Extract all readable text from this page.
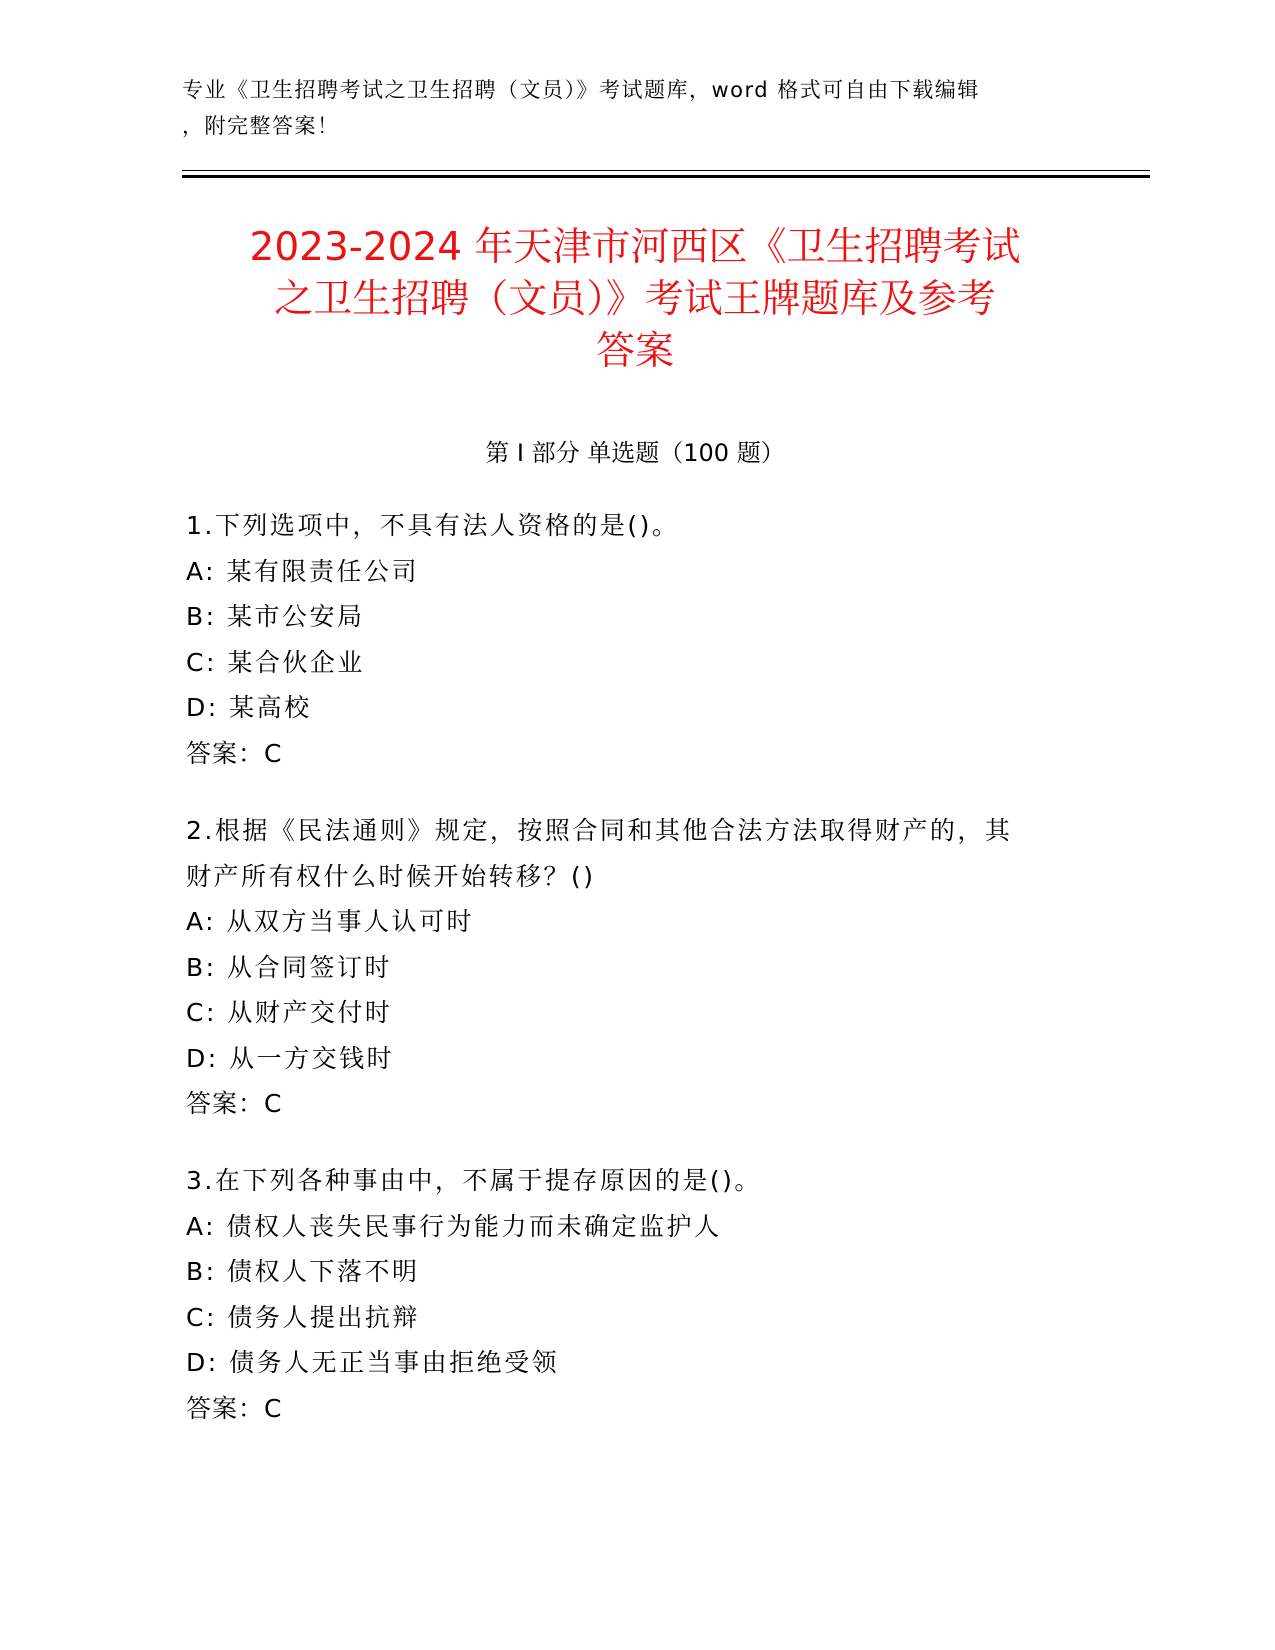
专业《卫生招聘考试之卫生招聘（文员）》考试题库，word 格式可自由下载编辑
，附完整答案！
2023-2024 年天津市河西区《卫生招聘考试
之卫生招聘（文员）》考试王牌题库及参考
答案
第 I 部分 单选题（100 题）
1.下列选项中，不具有法人资格的是()。
A: 某有限责任公司
B: 某市公安局
C: 某合伙企业
D: 某高校
答案：C
2.根据《民法通则》规定，按照合同和其他合法方法取得财产的，其
财产所有权什么时候开始转移？()
A: 从双方当事人认可时
B: 从合同签订时
C: 从财产交付时
D: 从一方交钱时
答案：C
3.在下列各种事由中，不属于提存原因的是()。
A: 债权人丧失民事行为能力而未确定监护人
B: 债权人下落不明
C: 债务人提出抗辩
D: 债务人无正当事由拒绝受领
答案：C
